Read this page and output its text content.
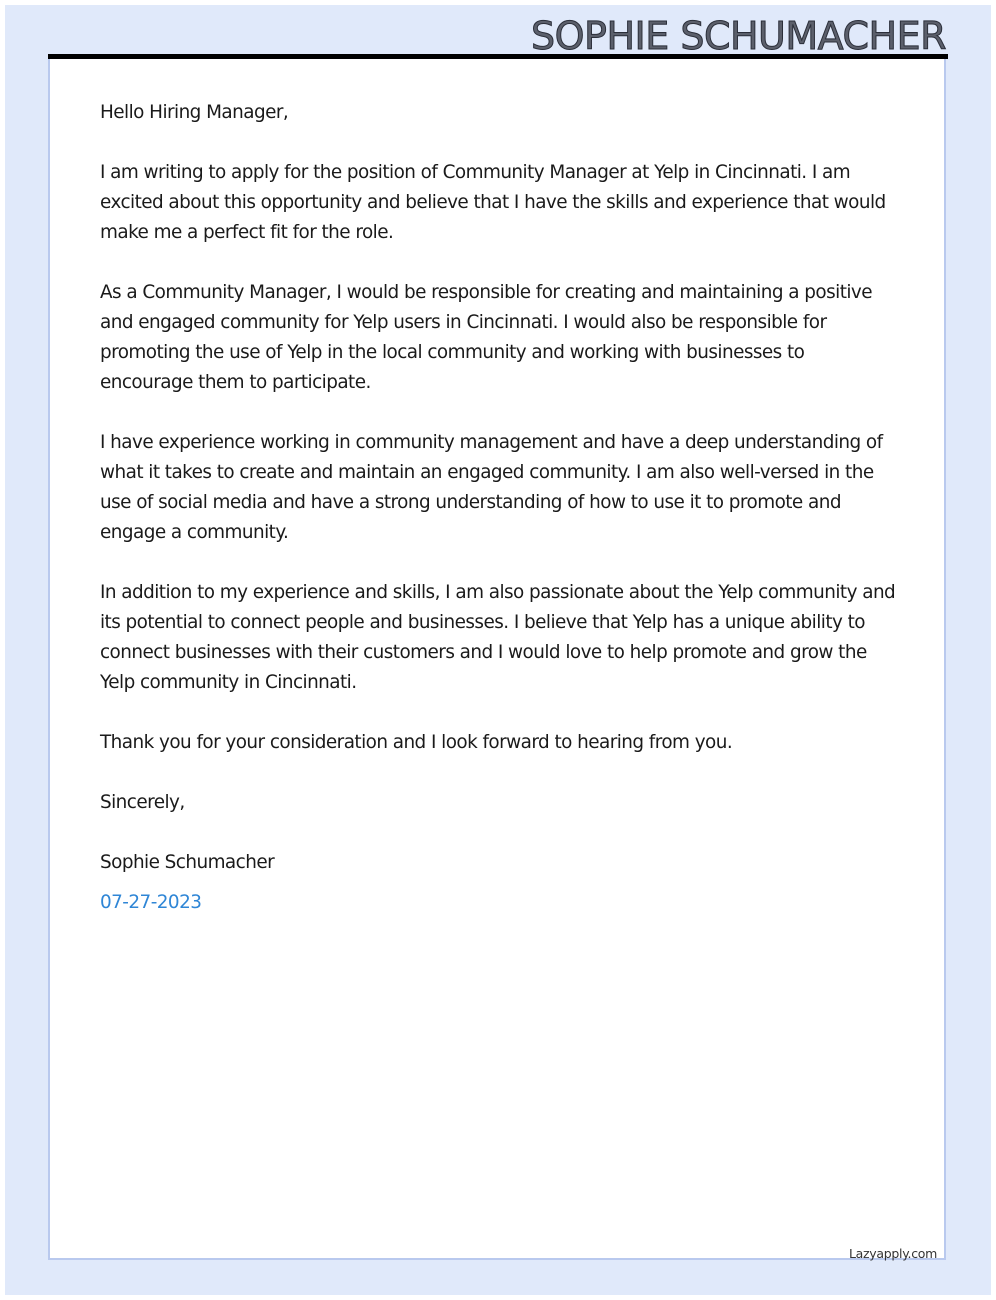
SOPHIE SCHUMACHER

Hello Hiring Manager,

I am writing to apply for the position of Community Manager at Yelp in Cincinnati. I am excited about this opportunity and believe that I have the skills and experience that would make me a perfect fit for the role.

As a Community Manager, I would be responsible for creating and maintaining a positive and engaged community for Yelp users in Cincinnati. I would also be responsible for promoting the use of Yelp in the local community and working with businesses to encourage them to participate.

I have experience working in community management and have a deep understanding of what it takes to create and maintain an engaged community. I am also well-versed in the use of social media and have a strong understanding of how to use it to promote and engage a community.

In addition to my experience and skills, I am also passionate about the Yelp community and its potential to connect people and businesses. I believe that Yelp has a unique ability to connect businesses with their customers and I would love to help promote and grow the Yelp community in Cincinnati.

Thank you for your consideration and I look forward to hearing from you.

Sincerely,

Sophie Schumacher

07-27-2023

Lazyapply.com
